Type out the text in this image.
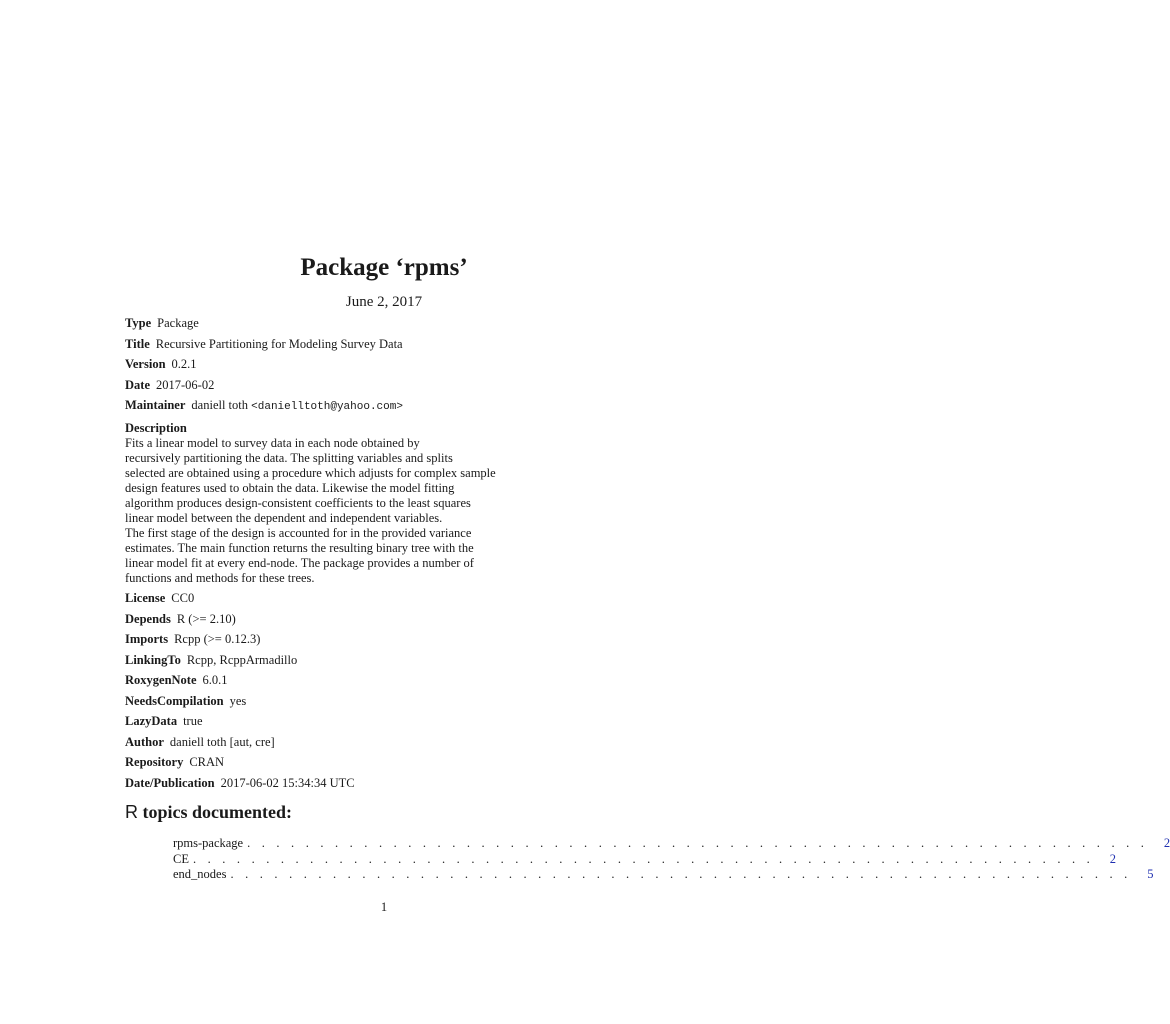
Package ‘rpms’
June 2, 2017
Type Package
Title Recursive Partitioning for Modeling Survey Data
Version 0.2.1
Date 2017-06-02
Maintainer daniell toth <danielltoth@yahoo.com>
Description
Fits a linear model to survey data in each node obtained by
recursively partitioning the data. The splitting variables and splits
selected are obtained using a procedure which adjusts for complex sample
design features used to obtain the data. Likewise the model fitting
algorithm produces design-consistent coefficients to the least squares
linear model between the dependent and independent variables.
The first stage of the design is accounted for in the provided variance
estimates. The main function returns the resulting binary tree with the
linear model fit at every end-node. The package provides a number of
functions and methods for these trees.
License CC0
Depends R (>= 2.10)
Imports Rcpp (>= 0.12.3)
LinkingTo Rcpp, RcppArmadillo
RoxygenNote 6.0.1
NeedsCompilation yes
LazyData true
Author daniell toth [aut, cre]
Repository CRAN
Date/Publication 2017-06-02 15:34:34 UTC
R topics documented:
rpms-package . . . . . . . . . . . . . . . . . . . . . . . . . . . . . . . . . . . . . . . . . . . . . . . . . . . . . . . . . . . . . .	2
CE . . . . . . . . . . . . . . . . . . . . . . . . . . . . . . . . . . . . . . . . . . . . . . . . . . . . . . . . . . . . . .	2
end_nodes . . . . . . . . . . . . . . . . . . . . . . . . . . . . . . . . . . . . . . . . . . . . . . . . . . . . . . . . . . . . . .	5
1
